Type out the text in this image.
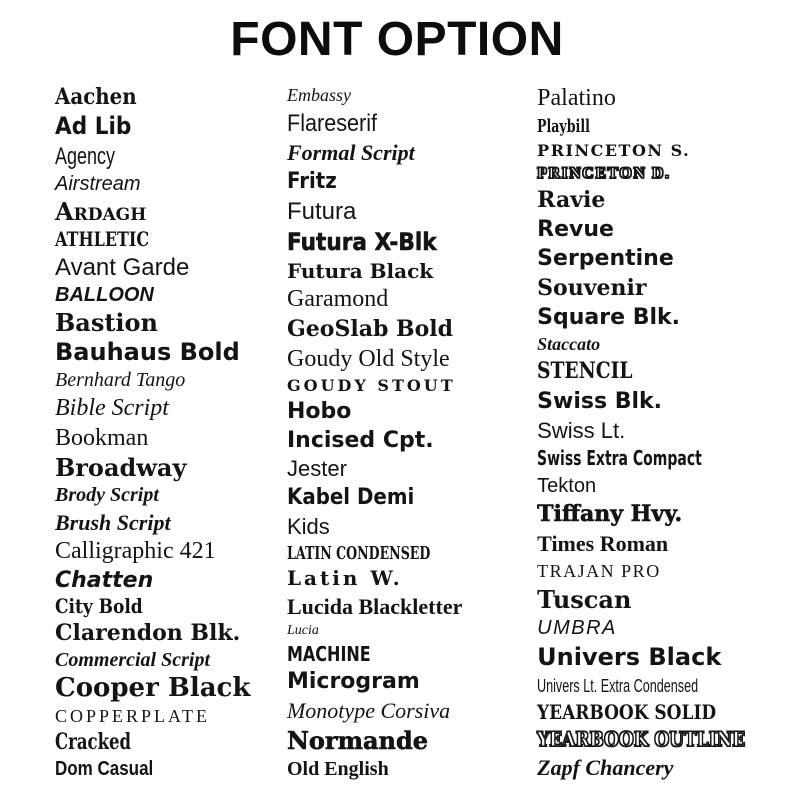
FONT OPTION
Aachen
Ad Lib
Agency
Airstream
Ardagh
ATHLETIC
Avant Garde
BALLOON
Bastion
Bauhaus Bold
Bernhard Tango
Bible Script
Bookman
Broadway
Brody Script
Brush Script
Calligraphic 421
Chatten
City Bold
Clarendon Blk.
Commercial Script
Cooper Black
COPPERPLATE
Cracked
Dom Casual
Embassy
Flareserif
Formal Script
Fritz
Futura
Futura X-Blk
Futura Black
Garamond
GeoSlab Bold
Goudy Old Style
GOUDY STOUT
Hobo
Incised Cpt.
Jester
Kabel Demi
Kids
LATIN CONDENSED
Latin W.
Lucida Blackletter
Lucia
MACHINE
Microgram
Monotype Corsiva
Normande
Old English
Palatino
Playbill
PRINCETON S.
PRINCETON D.
Ravie
Revue
Serpentine
Souvenir
Square Blk.
Staccato
STENCIL
Swiss Blk.
Swiss Lt.
Swiss Extra Compact
Tekton
Tiffany Hvy.
Times Roman
TRAJAN PRO
Tuscan
UMBRA
Univers Black
Univers Lt. Extra Condensed
YEARBOOK SOLID
YEARBOOK OUTLINE
Zapf Chancery
